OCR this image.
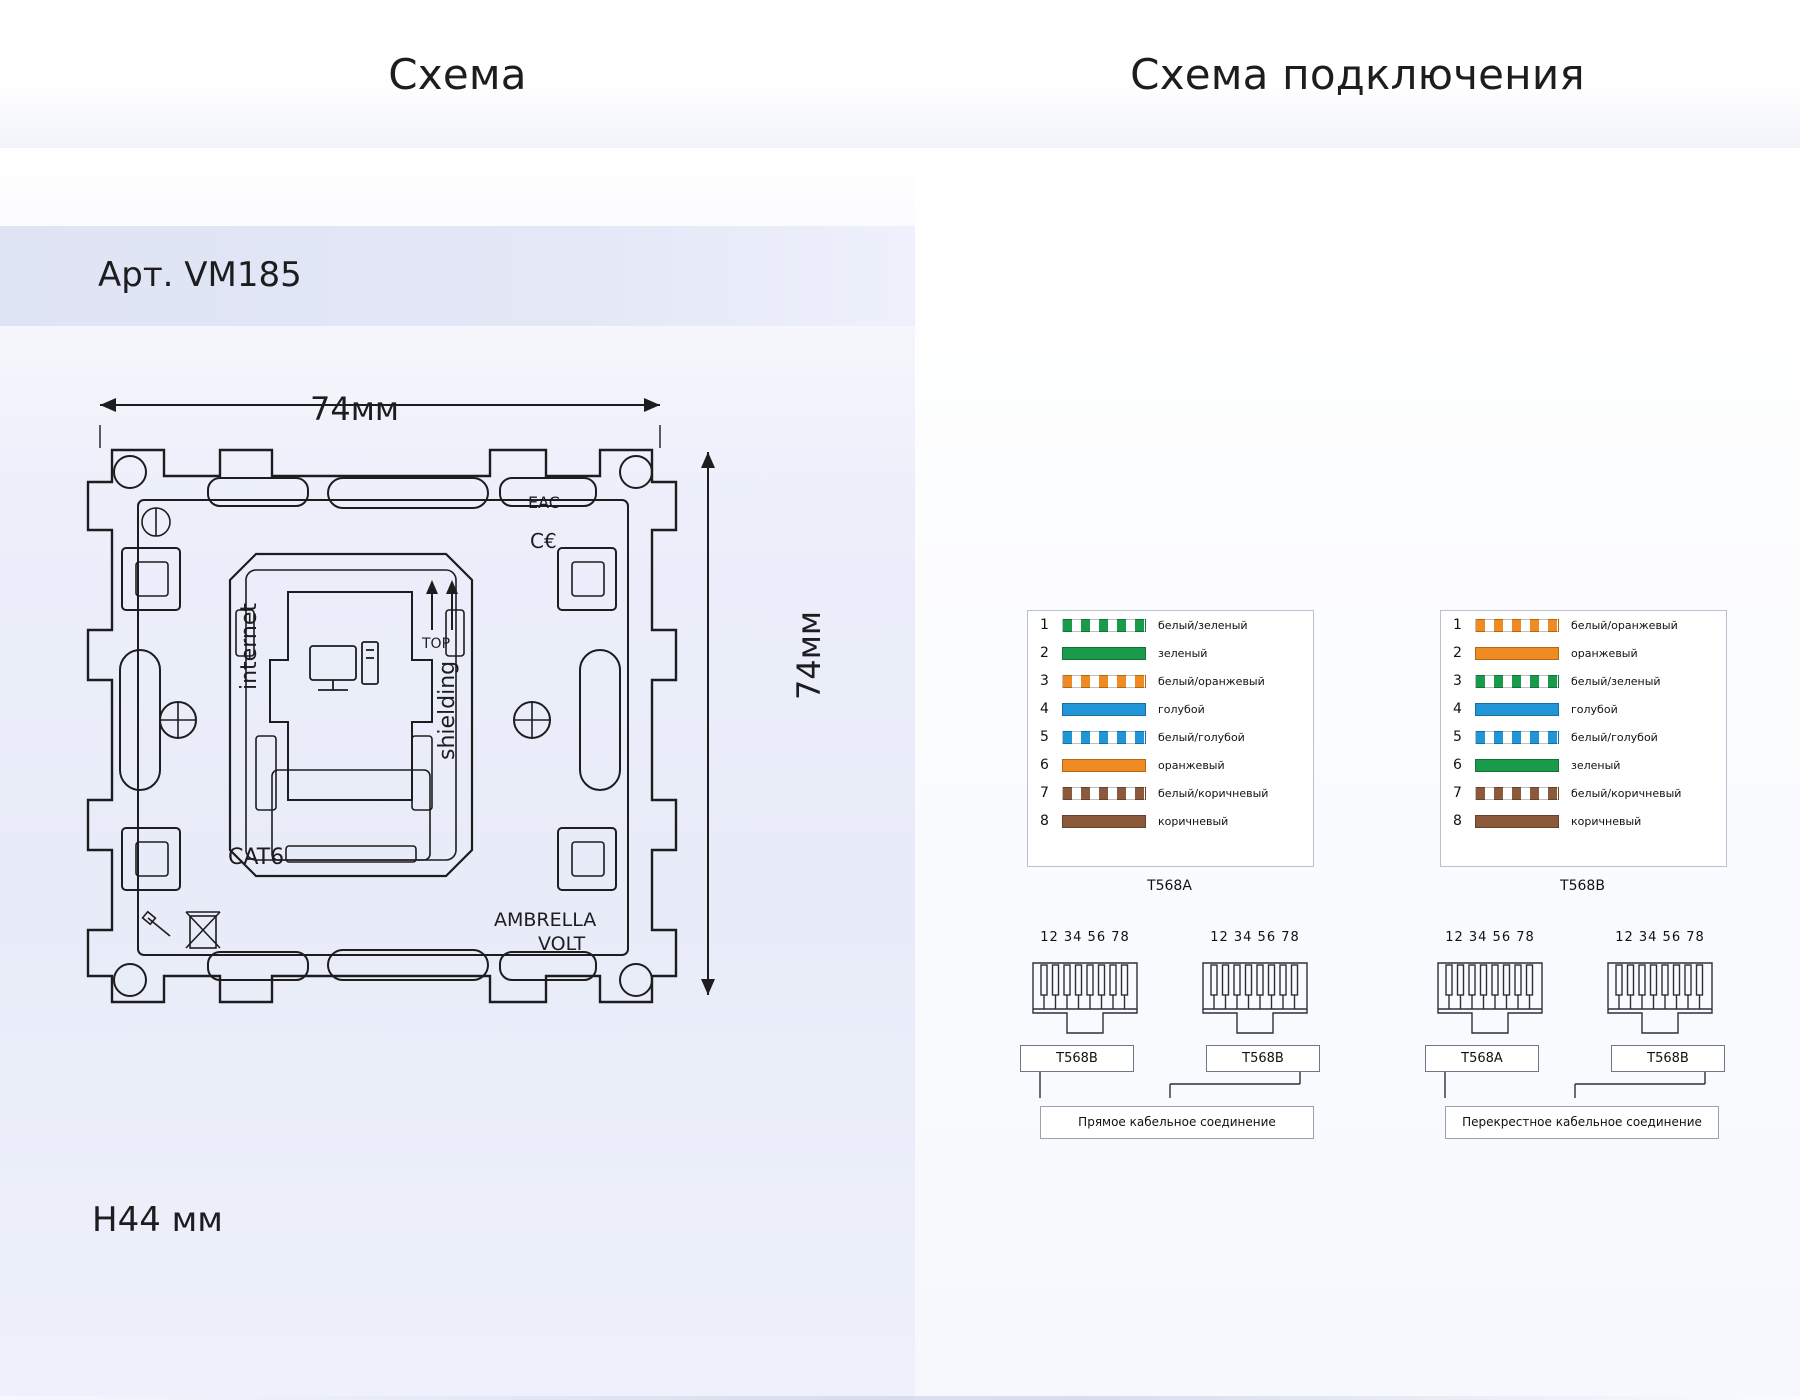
Схема	Схема подключения
Арт. VM185
H44 мм
74мм
74мм
internet
shielding
CAT6
TOP
AMBRELLA
VOLT
EAC
C€
1	белый/зеленый
2	зеленый
3	белый/оранжевый
4	голубой
5	белый/голубой
6	оранжевый
7	белый/коричневый
8	коричневый
T568A
1	белый/оранжевый
2	оранжевый
3	белый/зеленый
4	голубой
5	белый/голубой
6	зеленый
7	белый/коричневый
8	коричневый
T568B
12 34 56 78	12 34 56 78
T568B	T568B
Прямое кабельное соединение
12 34 56 78	12 34 56 78
T568A	T568B
Перекрестное кабельное соединение
